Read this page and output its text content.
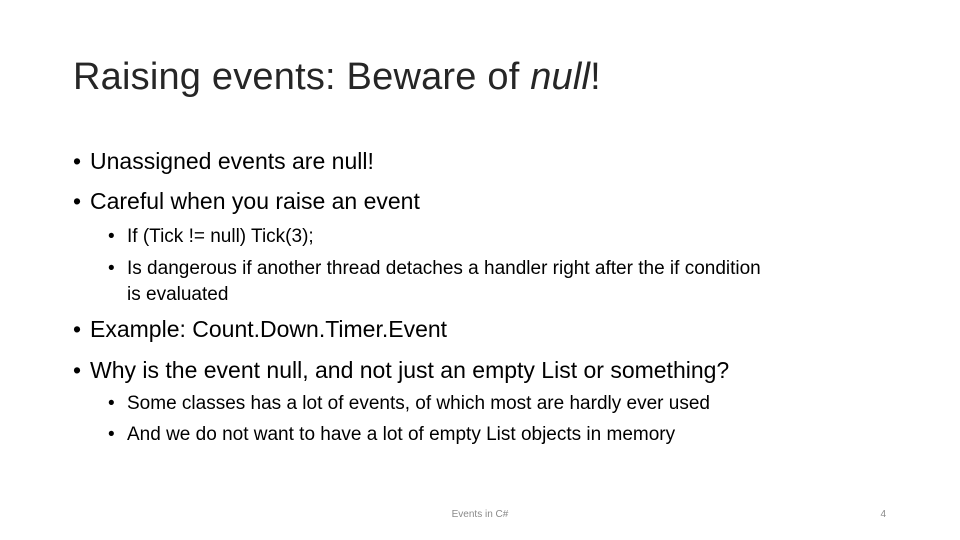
Raising events: Beware of null!
• Unassigned events are null!
• Careful when you raise an event
• If (Tick != null) Tick(3);
• Is dangerous if another thread detaches a handler right after the if condition
is evaluated
• Example: Count.Down.Timer.Event
• Why is the event null, and not just an empty List or something?
• Some classes has a lot of events, of which most are hardly ever used
• And we do not want to have a lot of empty List objects in memory
Events in C#	4
